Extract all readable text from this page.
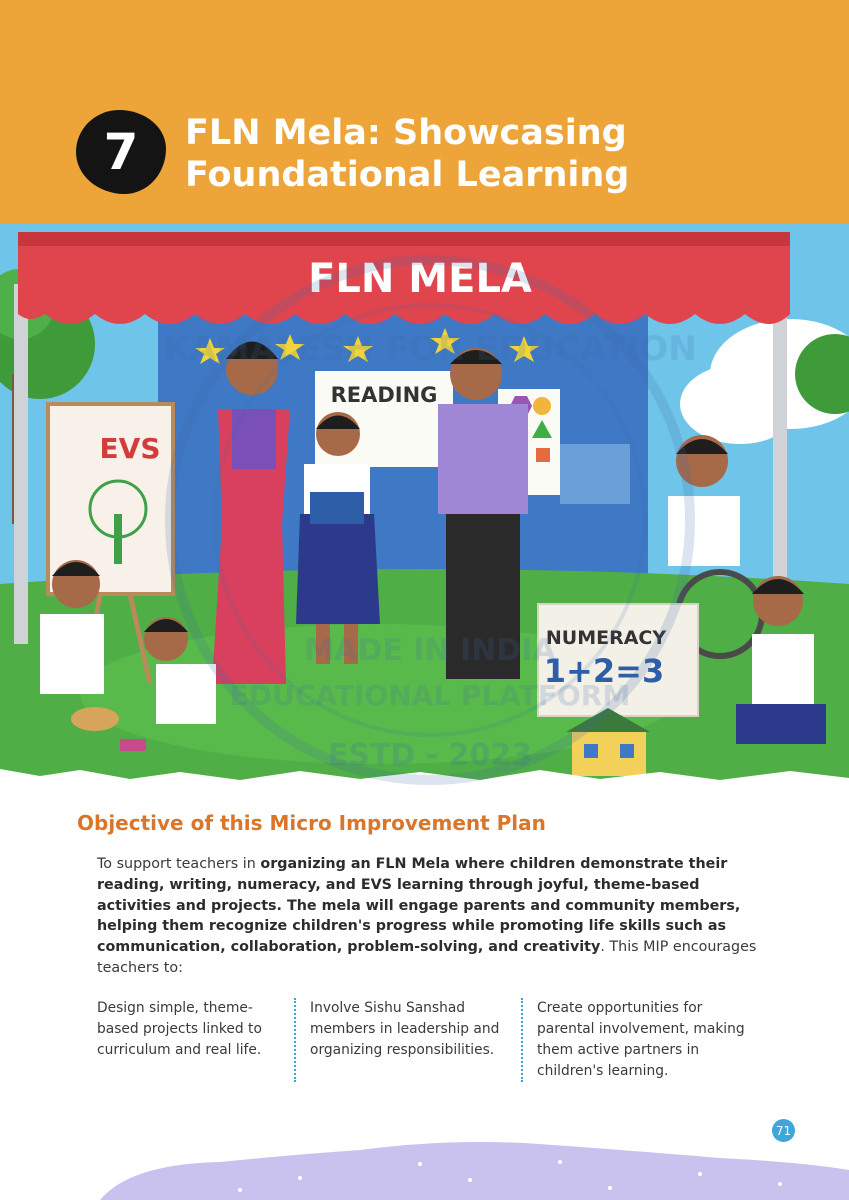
7 FLN Mela: Showcasing
Foundational Learning
FLN MELA
READING
EVS
NUMERACY
1+2=3
ESTD - 2023
Objective of this Micro Improvement Plan
To support teachers in organizing an FLN Mela where children demonstrate their reading, writing, numeracy, and EVS learning through joyful, theme-based activities and projects. The mela will engage parents and community members, helping them recognize children's progress while promoting life skills such as communication, collaboration, problem-solving, and creativity. This MIP encourages teachers to:
Design simple, theme-based projects linked to curriculum and real life.
Involve Sishu Sanshad members in leadership and organizing responsibilities.
Create opportunities for parental involvement, making them active partners in children's learning.
71
